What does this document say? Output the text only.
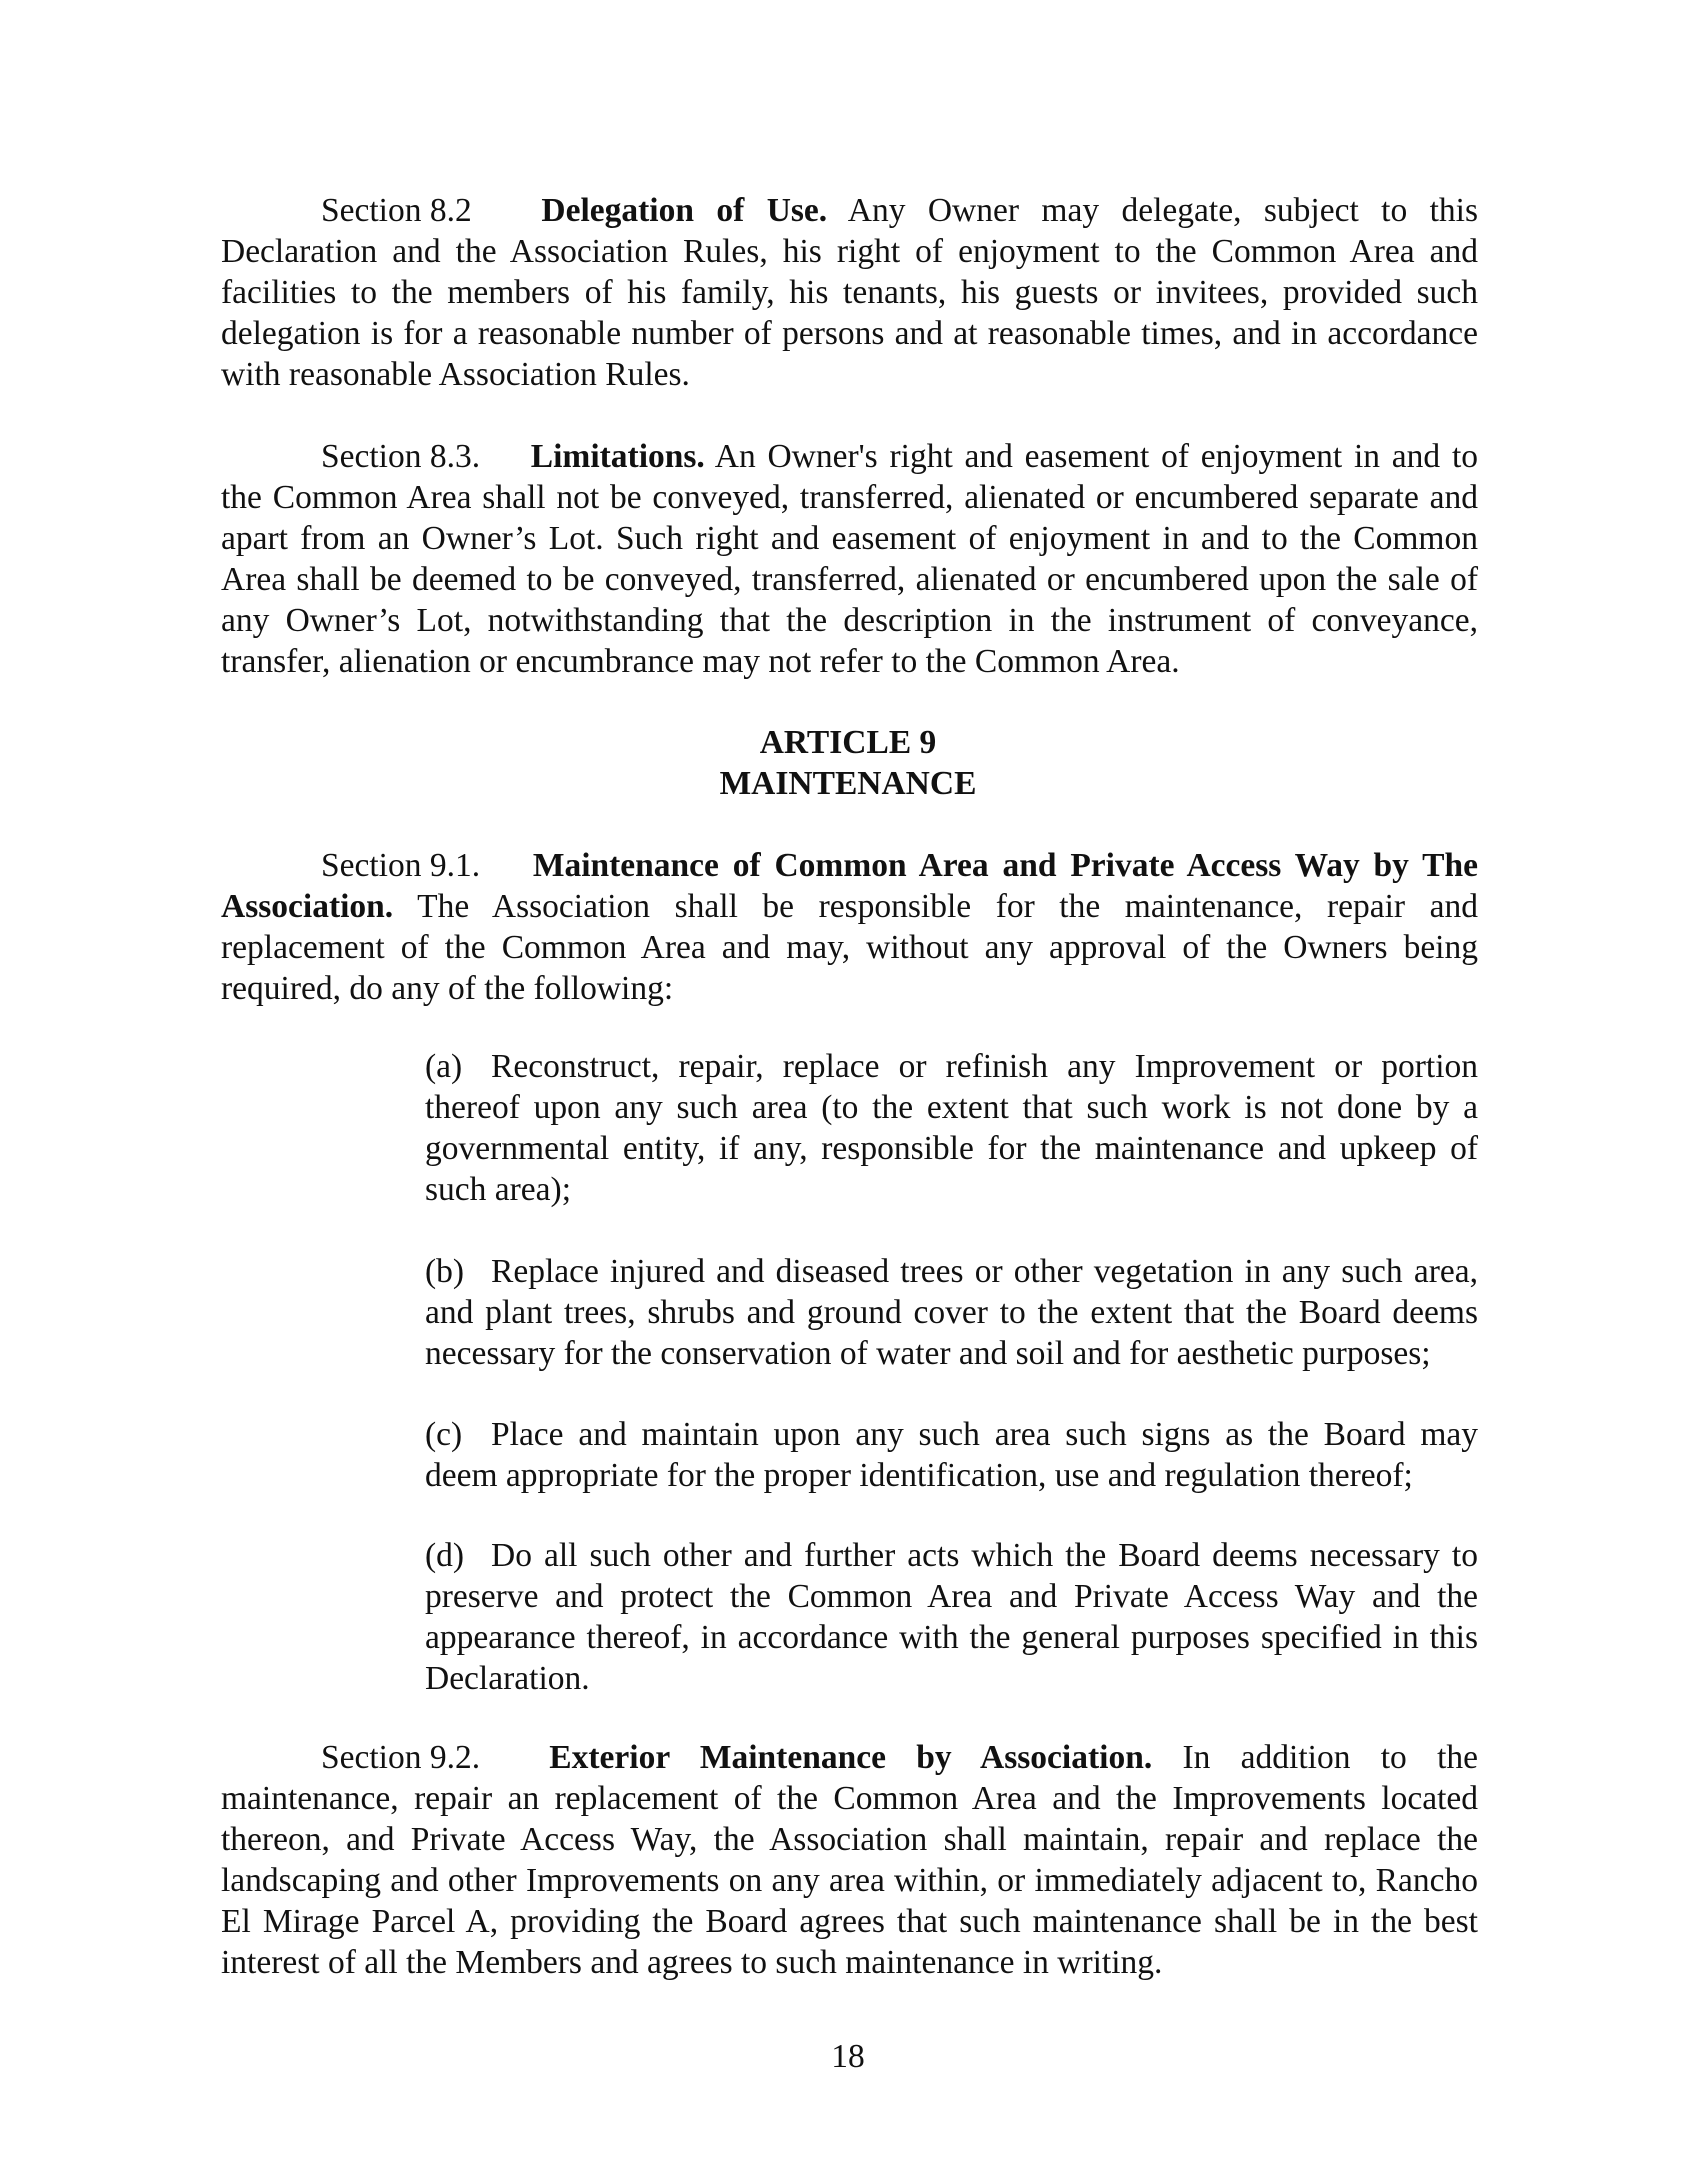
Section 8.2 Delegation of Use. Any Owner may delegate, subject to this Declaration and the Association Rules, his right of enjoyment to the Common Area and facilities to the members of his family, his tenants, his guests or invitees, provided such delegation is for a reasonable number of persons and at reasonable times, and in accordance with reasonable Association Rules.

Section 8.3. Limitations. An Owner's right and easement of enjoyment in and to the Common Area shall not be conveyed, transferred, alienated or encumbered separate and apart from an Owner’s Lot. Such right and easement of enjoyment in and to the Common Area shall be deemed to be conveyed, transferred, alienated or encumbered upon the sale of any Owner’s Lot, notwithstanding that the description in the instrument of conveyance, transfer, alienation or encumbrance may not refer to the Common Area.

ARTICLE 9

MAINTENANCE

Section 9.1. Maintenance of Common Area and Private Access Way by The Association. The Association shall be responsible for the maintenance, repair and replacement of the Common Area and may, without any approval of the Owners being required, do any of the following:

(a) Reconstruct, repair, replace or refinish any Improvement or portion thereof upon any such area (to the extent that such work is not done by a governmental entity, if any, responsible for the maintenance and upkeep of such area);

(b) Replace injured and diseased trees or other vegetation in any such area, and plant trees, shrubs and ground cover to the extent that the Board deems necessary for the conservation of water and soil and for aesthetic purposes;

(c) Place and maintain upon any such area such signs as the Board may deem appropriate for the proper identification, use and regulation thereof;

(d) Do all such other and further acts which the Board deems necessary to preserve and protect the Common Area and Private Access Way and the appearance thereof, in accordance with the general purposes specified in this Declaration.

Section 9.2. Exterior Maintenance by Association. In addition to the maintenance, repair an replacement of the Common Area and the Improvements located thereon, and Private Access Way, the Association shall maintain, repair and replace the landscaping and other Improvements on any area within, or immediately adjacent to, Rancho El Mirage Parcel A, providing the Board agrees that such maintenance shall be in the best interest of all the Members and agrees to such maintenance in writing.

18
